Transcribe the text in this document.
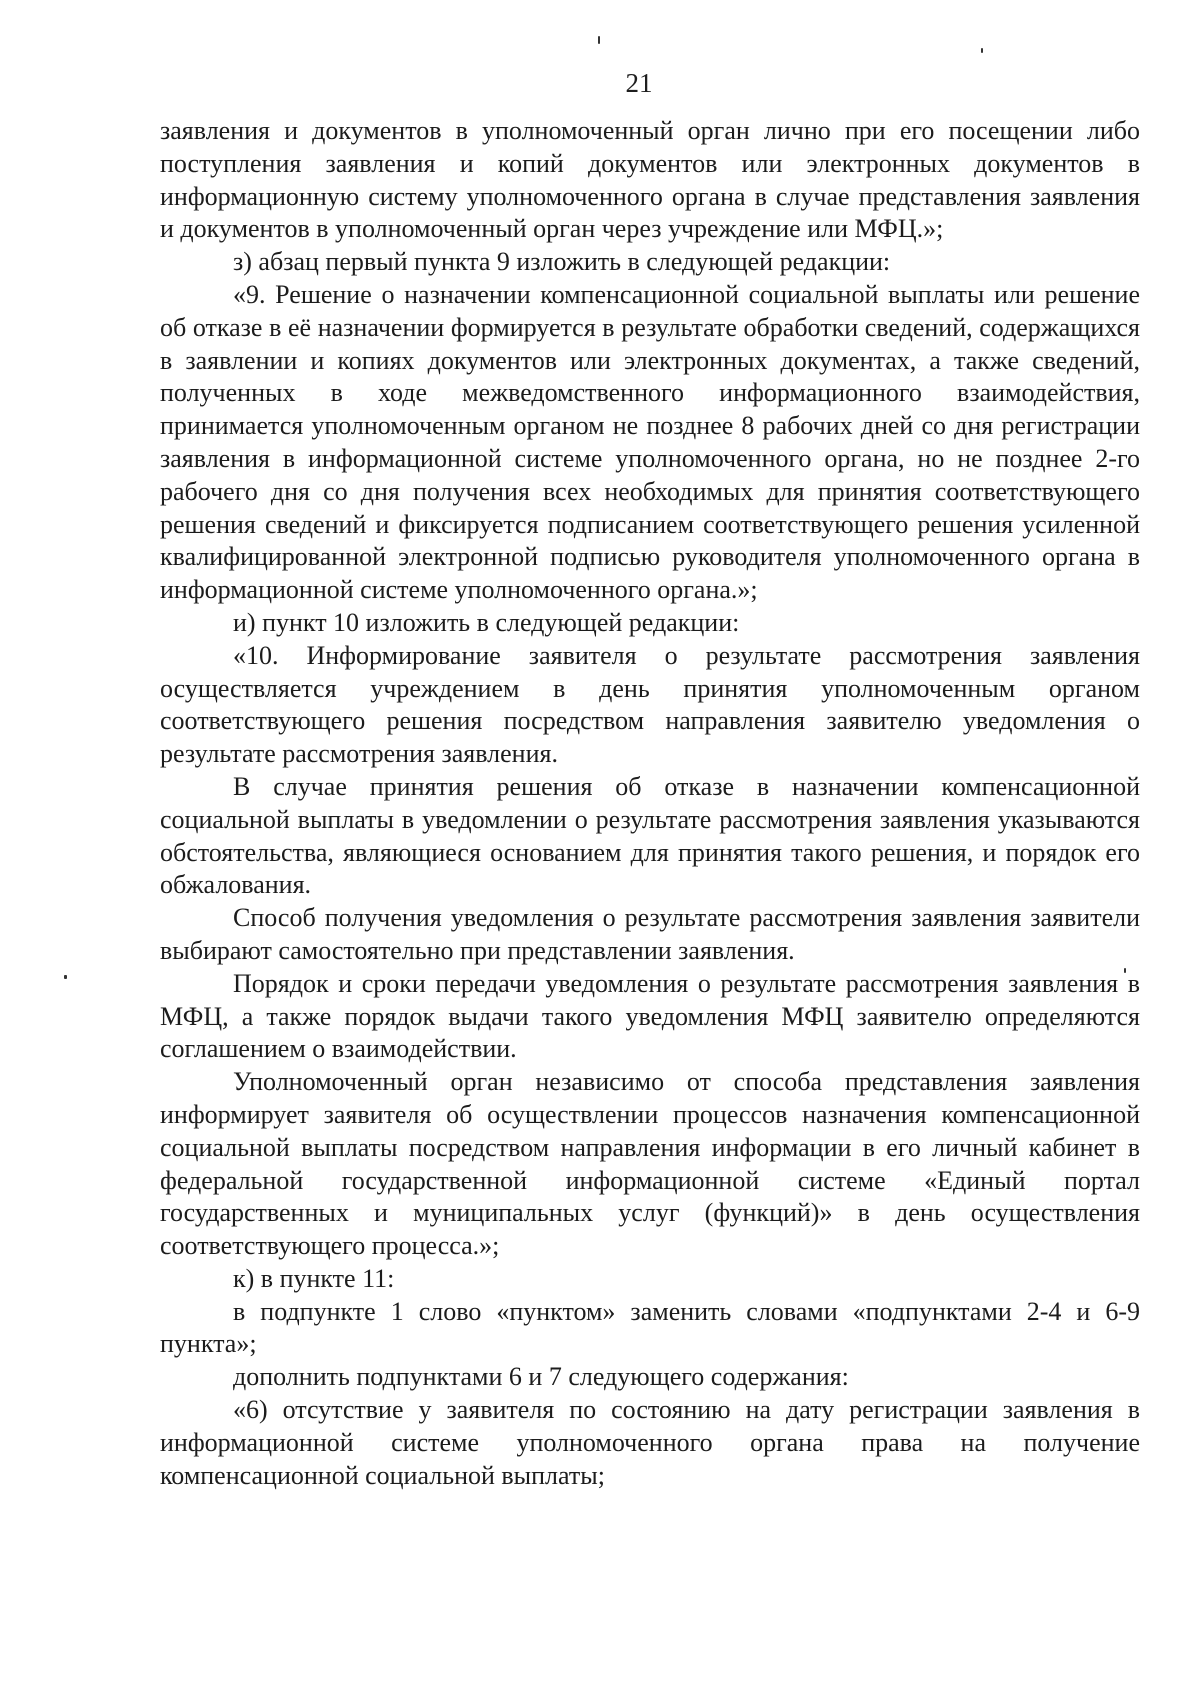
21

заявления и документов в уполномоченный орган лично при его посещении либо поступления заявления и копий документов или электронных документов в информационную систему уполномоченного органа в случае представления заявления и документов в уполномоченный орган через учреждение или МФЦ.»;

з) абзац первый пункта 9 изложить в следующей редакции:

«9. Решение о назначении компенсационной социальной выплаты или решение об отказе в её назначении формируется в результате обработки сведений, содержащихся в заявлении и копиях документов или электронных документах, а также сведений, полученных в ходе межведомственного информационного взаимодействия, принимается уполномоченным органом не позднее 8 рабочих дней со дня регистрации заявления в информационной системе уполномоченного органа, но не позднее 2-го рабочего дня со дня получения всех необходимых для принятия соответствующего решения сведений и фиксируется подписанием соответствующего решения усиленной квалифицированной электронной подписью руководителя уполномоченного органа в информационной системе уполномоченного органа.»;

и) пункт 10 изложить в следующей редакции:

«10. Информирование заявителя о результате рассмотрения заявления осуществляется учреждением в день принятия уполномоченным органом соответствующего решения посредством направления заявителю уведомления о результате рассмотрения заявления.

В случае принятия решения об отказе в назначении компенсационной социальной выплаты в уведомлении о результате рассмотрения заявления указываются обстоятельства, являющиеся основанием для принятия такого решения, и порядок его обжалования.

Способ получения уведомления о результате рассмотрения заявления заявители выбирают самостоятельно при представлении заявления.

Порядок и сроки передачи уведомления о результате рассмотрения заявления в МФЦ, а также порядок выдачи такого уведомления МФЦ заявителю определяются соглашением о взаимодействии.

Уполномоченный орган независимо от способа представления заявления информирует заявителя об осуществлении процессов назначения компенсационной социальной выплаты посредством направления информации в его личный кабинет в федеральной государственной информационной системе «Единый портал государственных и муниципальных услуг (функций)» в день осуществления соответствующего процесса.»;

к) в пункте 11:

в подпункте 1 слово «пунктом» заменить словами «подпунктами 2-4 и 6-9 пункта»;

дополнить подпунктами 6 и 7 следующего содержания:

«6) отсутствие у заявителя по состоянию на дату регистрации заявления в информационной системе уполномоченного органа права на получение компенсационной социальной выплаты;
